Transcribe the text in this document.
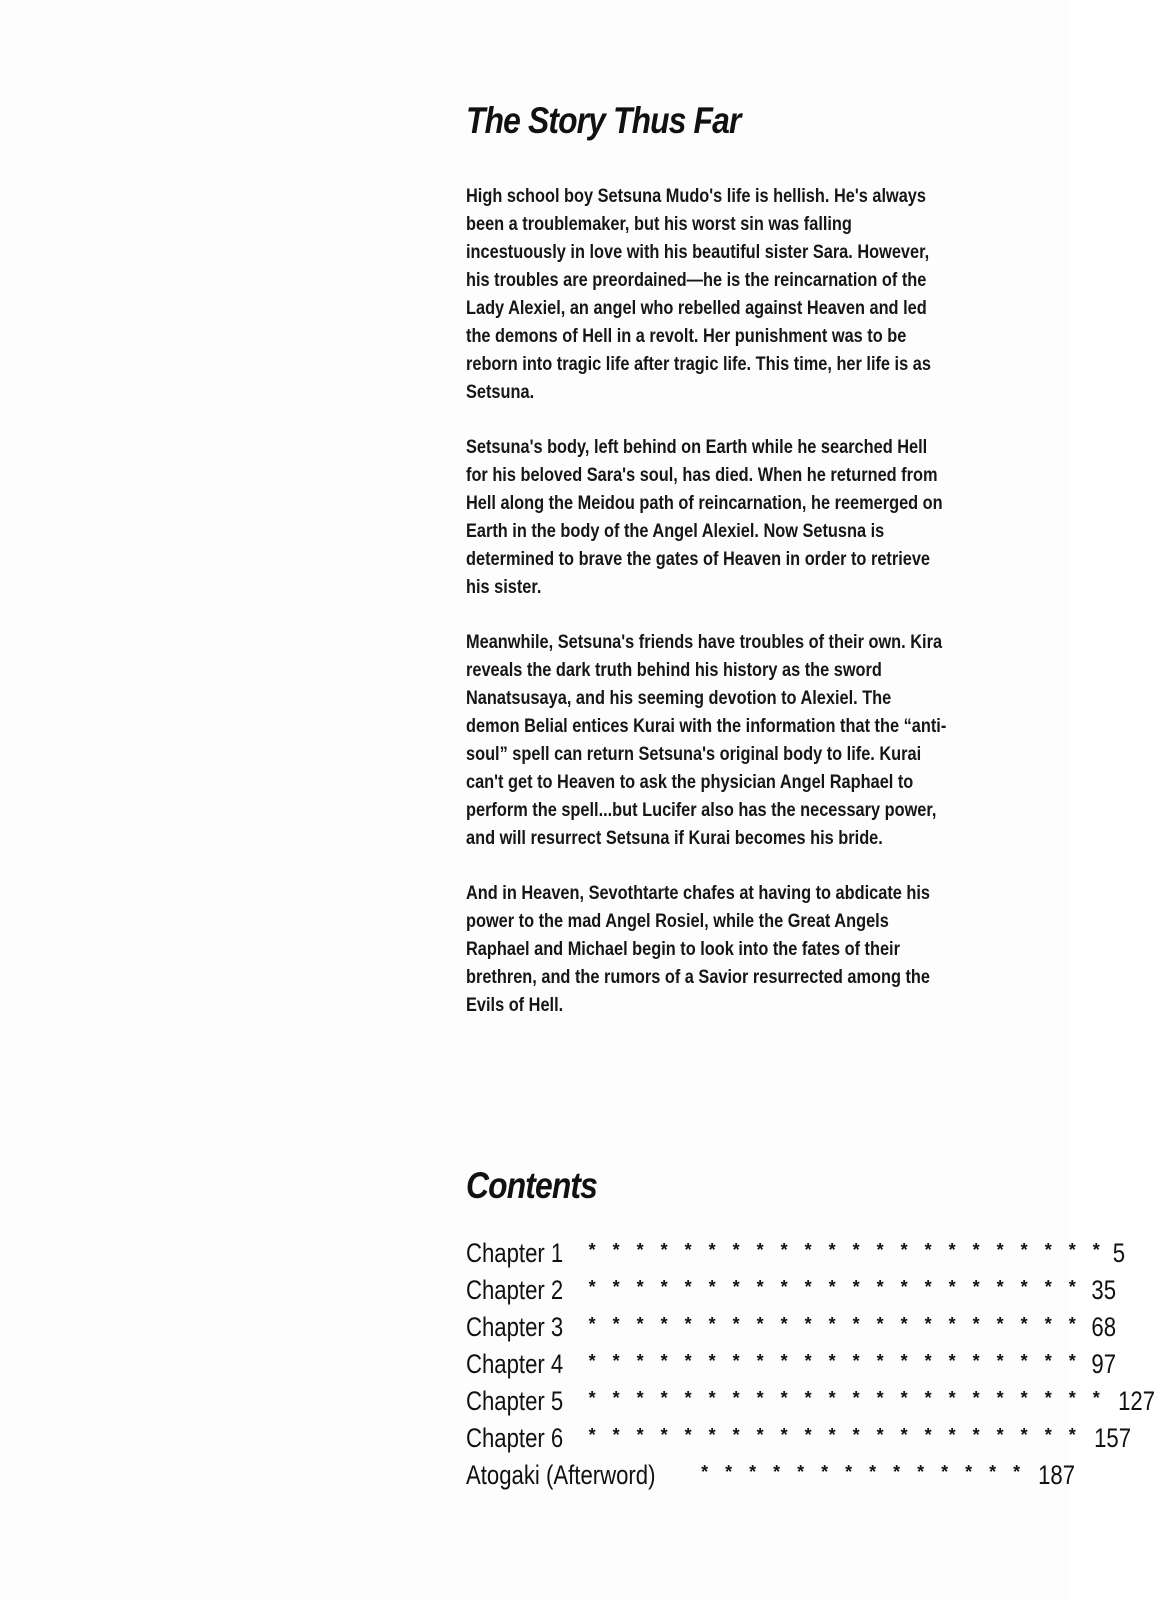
The Story Thus Far

High school boy Setsuna Mudo's life is hellish. He's always been a troublemaker, but his worst sin was falling incestuously in love with his beautiful sister Sara. However, his troubles are preordained—he is the reincarnation of the Lady Alexiel, an angel who rebelled against Heaven and led the demons of Hell in a revolt. Her punishment was to be reborn into tragic life after tragic life. This time, her life is as Setsuna.

Setsuna's body, left behind on Earth while he searched Hell for his beloved Sara's soul, has died. When he returned from Hell along the Meidou path of reincarnation, he reemerged on Earth in the body of the Angel Alexiel. Now Setusna is determined to brave the gates of Heaven in order to retrieve his sister.

Meanwhile, Setsuna's friends have troubles of their own. Kira reveals the dark truth behind his history as the sword Nanatsusaya, and his seeming devotion to Alexiel. The demon Belial entices Kurai with the information that the “anti-soul” spell can return Setsuna's original body to life. Kurai can't get to Heaven to ask the physician Angel Raphael to perform the spell...but Lucifer also has the necessary power, and will resurrect Setsuna if Kurai becomes his bride.

And in Heaven, Sevothtarte chafes at having to abdicate his power to the mad Angel Rosiel, while the Great Angels Raphael and Michael begin to look into the fates of their brethren, and the rumors of a Savior resurrected among the Evils of Hell.

Contents
Chapter 1 * * * * * * * * * * * * * * * * * * * * * * 5
Chapter 2 * * * * * * * * * * * * * * * * * * * * * 35
Chapter 3 * * * * * * * * * * * * * * * * * * * * * 68
Chapter 4 * * * * * * * * * * * * * * * * * * * * * 97
Chapter 5 * * * * * * * * * * * * * * * * * * * * * * 127
Chapter 6 * * * * * * * * * * * * * * * * * * * * * 157
Atogaki (Afterword)	* * * * * * * * * * * * * * 187
